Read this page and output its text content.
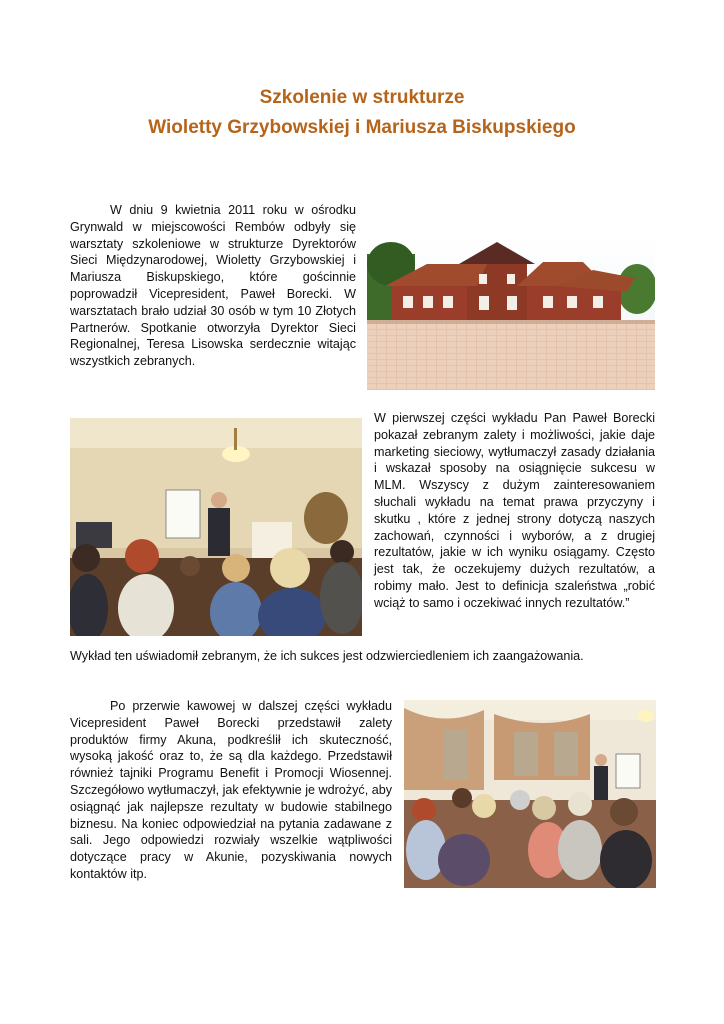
Szkolenie w strukturze
Wioletty Grzybowskiej i Mariusza Biskupskiego

W dniu 9 kwietnia 2011 roku w ośrodku Grynwald w miejscowości Rembów odbyły się warsztaty szkoleniowe w strukturze Dyrektorów Sieci Międzynarodowej, Wioletty Grzybowskiej i Mariusza Biskupskiego, które gościnnie poprowadził Vicepresident, Paweł Borecki. W warsztatach brało udział 30 osób w tym 10 Złotych Partnerów. Spotkanie otworzyła Dyrektor Sieci Regionalnej, Teresa Lisowska serdecznie witając wszystkich zebranych.

W pierwszej części wykładu Pan Paweł Borecki pokazał zebranym zalety i możliwości, jakie daje marketing sieciowy, wytłumaczył zasady działania i wskazał sposoby na osiągnięcie sukcesu w MLM. Wszyscy z dużym zainteresowaniem słuchali wykładu na temat prawa przyczyny i skutku , które z jednej strony dotyczą naszych zachowań, czynności i wyborów, a z drugiej rezultatów, jakie w ich wyniku osiągamy. Często jest tak, że oczekujemy dużych rezultatów, a robimy mało. Jest to definicja szaleństwa „robić wciąż to samo i oczekiwać innych rezultatów.”

Wykład ten uświadomił zebranym, że ich sukces jest odzwierciedleniem ich zaangażowania.

Po przerwie kawowej w dalszej części wykładu Vicepresident Paweł Borecki przedstawił zalety produktów firmy Akuna, podkreślił ich skuteczność, wysoką jakość oraz to, że są dla każdego. Przedstawił również tajniki Programu Benefit i Promocji Wiosennej. Szczegółowo wytłumaczył, jak efektywnie je wdrożyć, aby osiągnąć jak najlepsze rezultaty w budowie stabilnego biznesu. Na koniec odpowiedział na pytania zadawane z sali. Jego odpowiedzi rozwiały wszelkie wątpliwości dotyczące pracy w Akunie, pozyskiwania nowych kontaktów itp.
